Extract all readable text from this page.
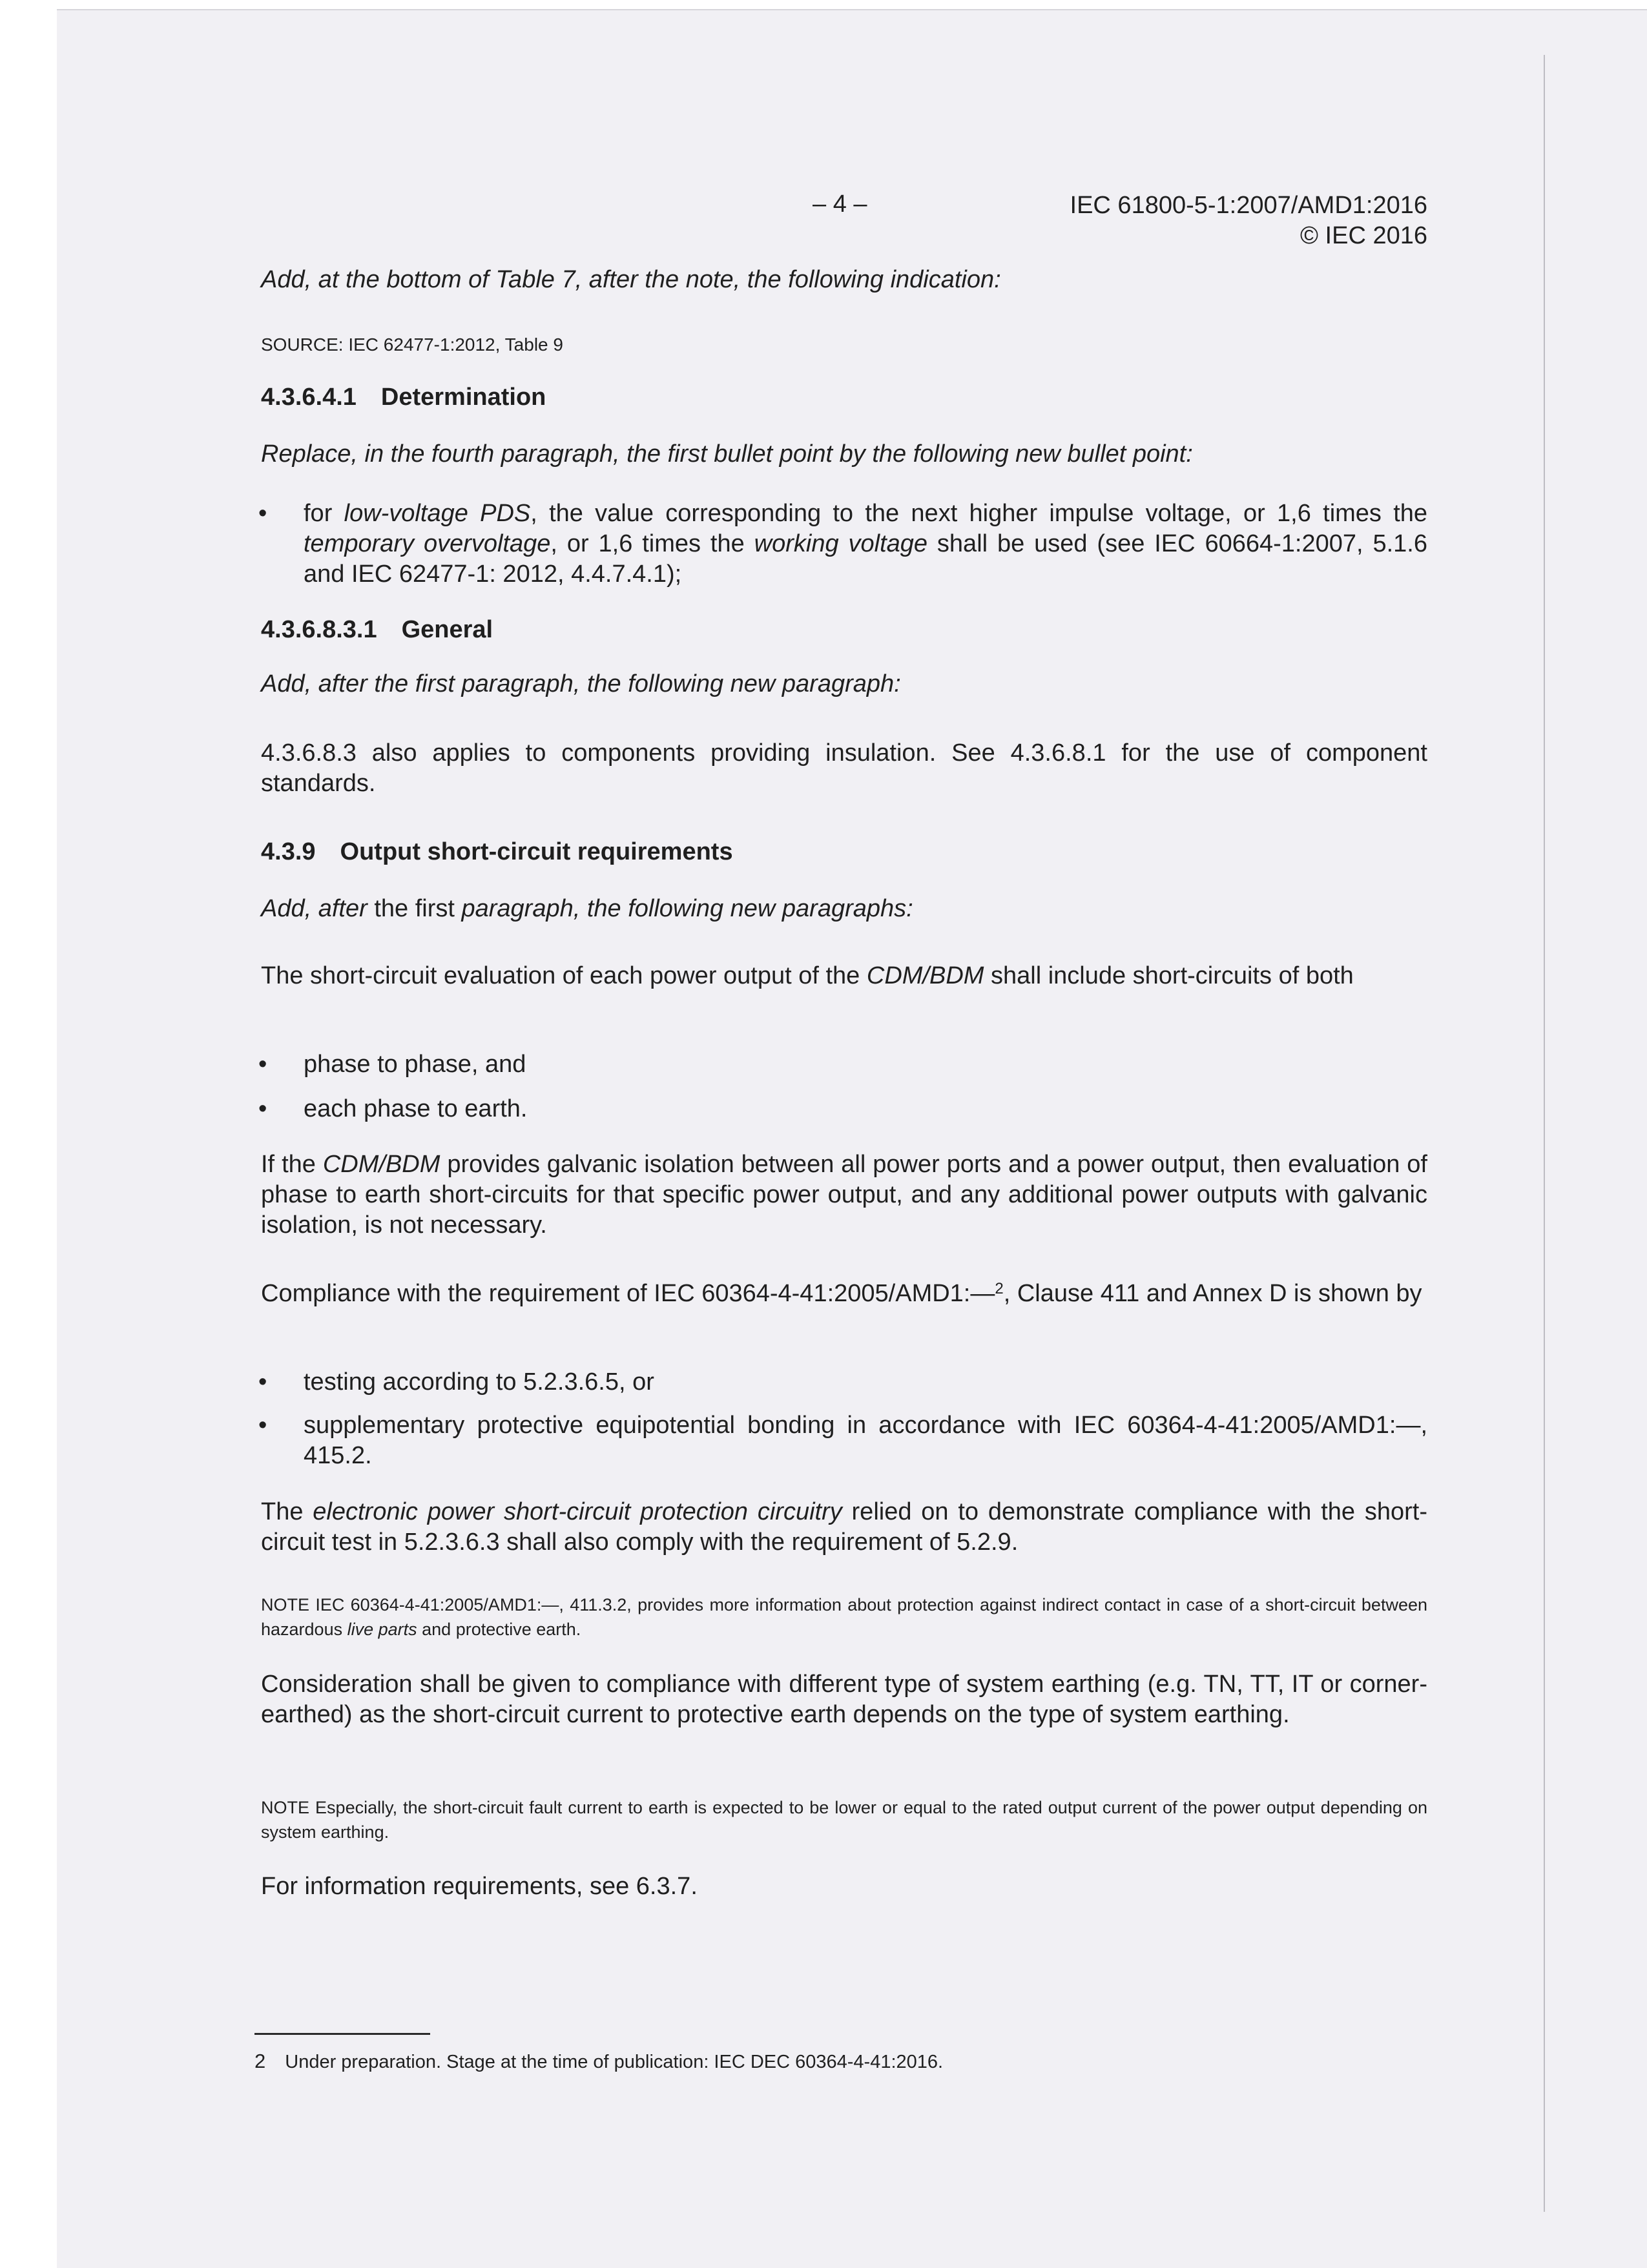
– 4 –	IEC 61800-5-1:2007/AMD1:2016
© IEC 2016

Add, at the bottom of Table 7, after the note, the following indication:

SOURCE: IEC 62477-1:2012, Table 9

4.3.6.4.1 Determination

Replace, in the fourth paragraph, the first bullet point by the following new bullet point:

• for low-voltage PDS, the value corresponding to the next higher impulse voltage, or 1,6 times the temporary overvoltage, or 1,6 times the working voltage shall be used (see IEC 60664-1:2007, 5.1.6 and IEC 62477-1: 2012, 4.4.7.4.1);
4.3.6.8.3.1 General

Add, after the first paragraph, the following new paragraph:

4.3.6.8.3 also applies to components providing insulation. See 4.3.6.8.1 for the use of component standards.

4.3.9 Output short-circuit requirements

Add, after the first paragraph, the following new paragraphs:

The short-circuit evaluation of each power output of the CDM/BDM shall include short-circuits of both

• phase to phase, and
• each phase to earth.

If the CDM/BDM provides galvanic isolation between all power ports and a power output, then evaluation of phase to earth short-circuits for that specific power output, and any additional power outputs with galvanic isolation, is not necessary.

Compliance with the requirement of IEC 60364-4-41:2005/AMD1:—$^2$, Clause 411 and Annex D is shown by

• testing according to 5.2.3.6.5, or
• supplementary protective equipotential bonding in accordance with IEC 60364-4-41:2005/AMD1:—, 415.2.

The electronic power short-circuit protection circuitry relied on to demonstrate compliance with the short-circuit test in 5.2.3.6.3 shall also comply with the requirement of 5.2.9.

NOTE IEC 60364-4-41:2005/AMD1:—, 411.3.2, provides more information about protection against indirect contact in case of a short-circuit between hazardous live parts and protective earth.

Consideration shall be given to compliance with different type of system earthing (e.g. TN, TT, IT or corner- earthed) as the short-circuit current to protective earth depends on the type of system earthing.

NOTE Especially, the short-circuit fault current to earth is expected to be lower or equal to the rated output current of the power output depending on system earthing.

For information requirements, see 6.3.7.

2 Under preparation. Stage at the time of publication: IEC DEC 60364-4-41:2016.
